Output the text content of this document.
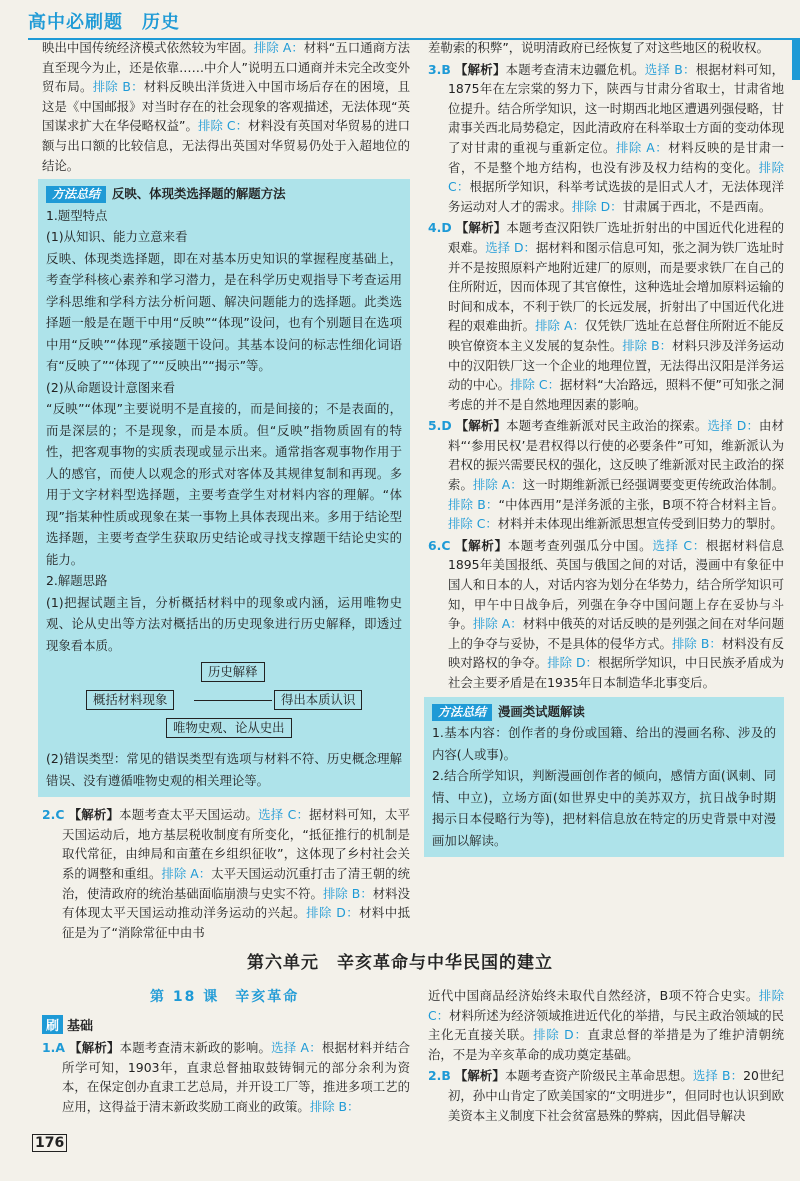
高中必刷题　历史

映出中国传统经济模式依然较为牢固。排除 A：材料“五口通商方法直至现今为止，还是依靠……中介人”说明五口通商并未完全改变外贸布局。排除 B：材料反映出洋货进入中国市场后存在的困境，且这是《中国邮报》对当时存在的社会现象的客观描述，无法体现“英国谋求扩大在华侵略权益”。排除 C：材料没有英国对华贸易的进口额与出口额的比较信息，无法得出英国对华贸易仍处于入超地位的结论。

方法总结 反映、体现类选择题的解题方法

1.题型特点

(1)从知识、能力立意来看

反映、体现类选择题，即在对基本历史知识的掌握程度基础上，考查学科核心素养和学习潜力，是在科学历史观指导下考查运用学科思维和学科方法分析问题、解决问题能力的选择题。此类选择题一般是在题干中用“反映”“体现”设问，也有个别题目在选项中用“反映”“体现”承接题干设问。其基本设问的标志性细化词语有“反映了”“体现了”“反映出”“揭示”等。

(2)从命题设计意图来看

“反映”“体现”主要说明不是直接的，而是间接的；不是表面的，而是深层的；不是现象，而是本质。但“反映”指物质固有的特性，把客观事物的实质表现或显示出来。通常指客观事物作用于人的感官，而使人以观念的形式对客体及其规律复制和再现。多用于文字材料型选择题，主要考查学生对材料内容的理解。“体现”指某种性质或现象在某一事物上具体表现出来。多用于结论型选择题，主要考查学生获取历史结论或寻找支撑题干结论史实的能力。

2.解题思路

(1)把握试题主旨，分析概括材料中的现象或内涵，运用唯物史观、论从史出等方法对概括出的历史现象进行历史解释，即透过现象看本质。

历史解释
概括材料现象	得出本质认识
唯物史观、论从史出

(2)错误类型：常见的错误类型有选项与材料不符、历史概念理解错误、没有遵循唯物史观的相关理论等。

2.C 【解析】本题考查太平天国运动。选择 C：据材料可知，太平天国运动后，地方基层税收制度有所变化，“抵征推行的机制是取代常征，由绅局和亩董在乡组织征收”，这体现了乡村社会关系的调整和重组。排除 A：太平天国运动沉重打击了清王朝的统治，使清政府的统治基础面临崩溃与史实不符。排除 B：材料没有体现太平天国运动推动洋务运动的兴起。排除 D：材料中抵征是为了“消除常征中由书

差勒索的积弊”，说明清政府已经恢复了对这些地区的税收权。

3.B 【解析】本题考查清末边疆危机。选择 B：根据材料可知，1875年在左宗棠的努力下，陕西与甘肃分省取士，甘肃省地位提升。结合所学知识，这一时期西北地区遭遇列强侵略，甘肃事关西北局势稳定，因此清政府在科举取士方面的变动体现了对甘肃的重视与重新定位。排除 A：材料反映的是甘肃一省，不是整个地方结构，也没有涉及权力结构的变化。排除 C：根据所学知识，科举考试选拔的是旧式人才，无法体现洋务运动对人才的需求。排除 D：甘肃属于西北，不是西南。

4.D 【解析】本题考查汉阳铁厂选址折射出的中国近代化进程的艰难。选择 D：据材料和图示信息可知，张之洞为铁厂选址时并不是按照原料产地附近建厂的原则，而是要求铁厂在自己的住所附近，因而体现了其官僚性，这种选址会增加原料运输的时间和成本，不利于铁厂的长远发展，折射出了中国近代化进程的艰难曲折。排除 A：仅凭铁厂选址在总督住所附近不能反映官僚资本主义发展的复杂性。排除 B：材料只涉及洋务运动中的汉阳铁厂这一个企业的地理位置，无法得出汉阳是洋务运动的中心。排除 C：据材料“大冶路远，照料不便”可知张之洞考虑的并不是自然地理因素的影响。

5.D 【解析】本题考查维新派对民主政治的探索。选择 D：由材料“‘参用民权’是君权得以行使的必要条件”可知，维新派认为君权的振兴需要民权的强化，这反映了维新派对民主政治的探索。排除 A：这一时期维新派已经强调要变更传统政治体制。排除 B：“中体西用”是洋务派的主张，B项不符合材料主旨。排除 C：材料并未体现出维新派思想宣传受到旧势力的掣肘。

6.C 【解析】本题考查列强瓜分中国。选择 C：根据材料信息1895年美国报纸、英国与俄国之间的对话，漫画中有象征中国人和日本的人，对话内容为划分在华势力，结合所学知识可知，甲午中日战争后，列强在争夺中国问题上存在妥协与斗争。排除 A：材料中俄英的对话反映的是列强之间在对华问题上的争夺与妥协，不是具体的侵华方式。排除 B：材料没有反映对路权的争夺。排除 D：根据所学知识，中日民族矛盾成为社会主要矛盾是在1935年日本制造华北事变后。

方法总结 漫画类试题解读

1.基本内容：创作者的身份或国籍、给出的漫画名称、涉及的内容(人或事)。

2.结合所学知识，判断漫画创作者的倾向，感情方面(讽刺、同情、中立)，立场方面(如世界史中的美苏双方，抗日战争时期揭示日本侵略行为等)，把材料信息放在特定的历史背景中对漫画加以解读。

第六单元　辛亥革命与中华民国的建立
第 18 课　辛亥革命
刷 基础

1.A 【解析】本题考查清末新政的影响。选择 A：根据材料并结合所学可知，1903年，直隶总督抽取鼓铸铜元的部分余利为资本，在保定创办直隶工艺总局，并开设工厂等，推进多项工艺的应用，这得益于清末新政奖励工商业的政策。排除 B：

近代中国商品经济始终未取代自然经济，B项不符合史实。排除 C：材料所述为经济领域推进近代化的举措，与民主政治领域的民主化无直接关联。排除 D：直隶总督的举措是为了维护清朝统治，不是为辛亥革命的成功奠定基础。

2.B 【解析】本题考查资产阶级民主革命思想。选择 B：20世纪初，孙中山肯定了欧美国家的“文明进步”，但同时也认识到欧美资本主义制度下社会贫富悬殊的弊病，因此倡导解决

176
